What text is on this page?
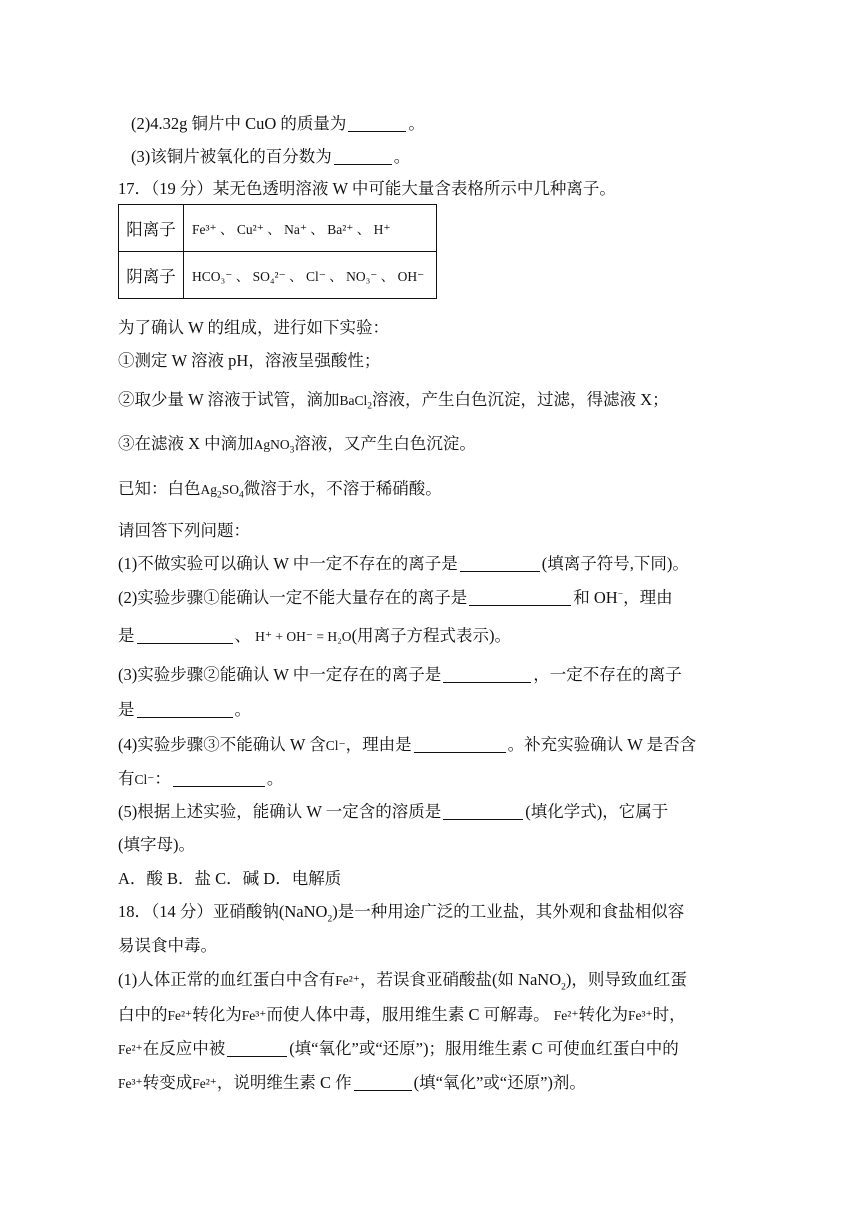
(2)4.32g 铜片中 CuO 的质量为	。
(3)该铜片被氧化的百分数为	。
17．（19 分）某无色透明溶液 W 中可能大量含表格所示中几种离子。
阳离子	Fe³⁺ 、 Cu²⁺ 、 Na⁺ 、 Ba²⁺ 、 H⁺
阴离子	HCO₃⁻ 、 SO₄²⁻ 、 Cl⁻ 、 NO₃⁻ 、 OH⁻
为了确认 W 的组成，进行如下实验：
①测定 W 溶液 pH，溶液呈强酸性；
②取少量 W 溶液于试管，滴加BaCl$_2$溶液，产生白色沉淀，过滤，得滤液 X；
③在滤液 X 中滴加AgNO$_3$溶液，又产生白色沉淀。
已知：白色$Ag_2SO_4$微溶于水，不溶于稀硝酸。
请回答下列问题：
(1)不做实验可以确认 W 中一定不存在的离子是	(填离子符号,下同)。
(2)实验步骤①能确认一定不能大量存在的离子是	和 OH−，理由
是	、 H⁺ + OH⁻ = H₂O(用离子方程式表示)。
(3)实验步骤②能确认 W 中一定存在的离子是	，一定不存在的离子
是	。
(4)实验步骤③不能确认 W 含Cl⁻，理由是	。补充实验确认 W 是否含
有Cl⁻：	。
(5)根据上述实验，能确认 W 一定含的溶质是	(填化学式)，它属于
(填字母)。
A．酸 B．盐 C．碱 D．电解质
18．（14 分）亚硝酸钠(NaNO$_2$)是一种用途广泛的工业盐，其外观和食盐相似容
易误食中毒。
(1)人体正常的血红蛋白中含有Fe²⁺，若误食亚硝酸盐(如 NaNO$_2$)，则导致血红蛋
白中的Fe²⁺转化为Fe³⁺而使人体中毒，服用维生素 C 可解毒。 Fe²⁺转化为Fe³⁺时，
Fe²⁺在反应中被	(填“氧化”或“还原”)；服用维生素 C 可使血红蛋白中的
Fe³⁺转变成Fe²⁺，说明维生素 C 作	(填“氧化”或“还原”)剂。
